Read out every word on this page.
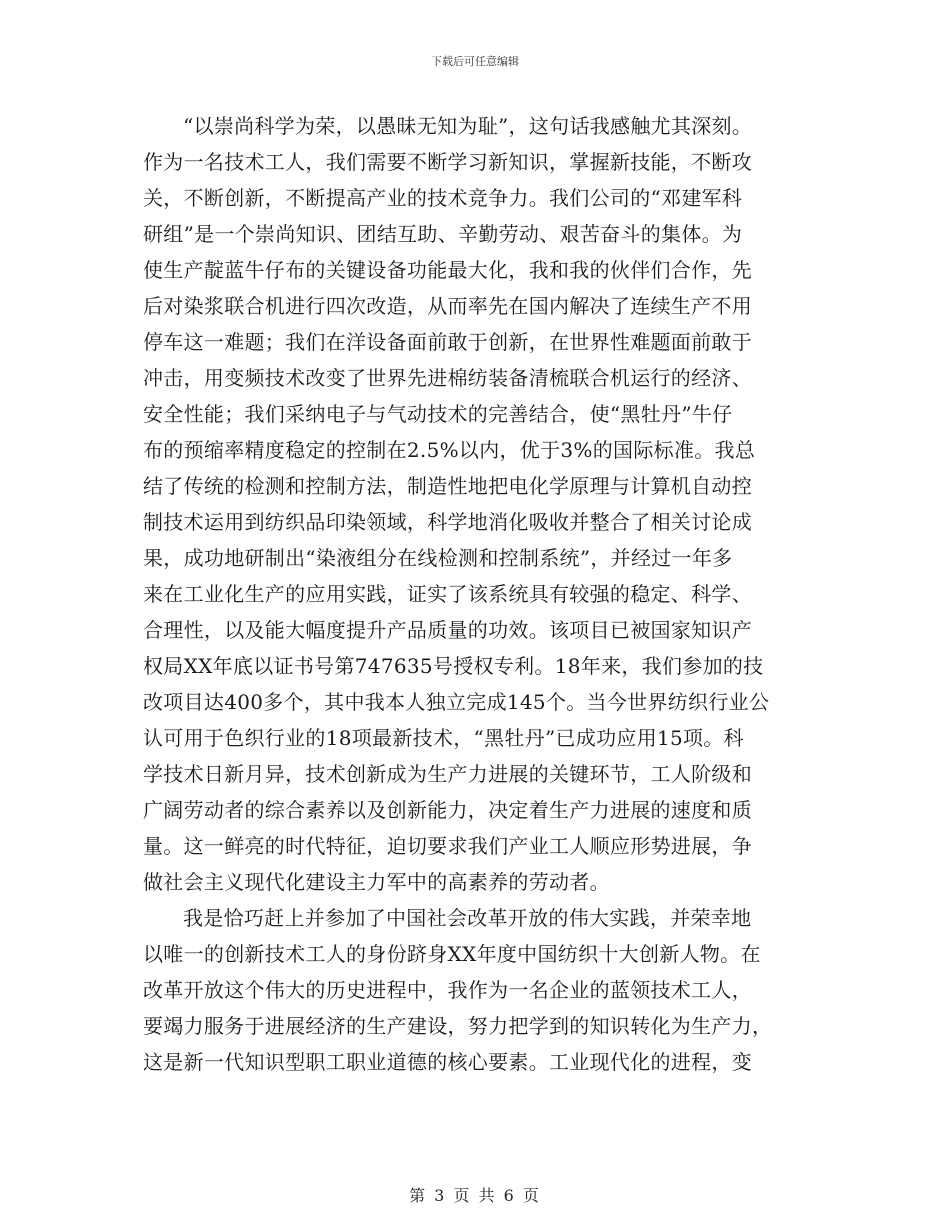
下载后可任意编辑
“以崇尚科学为荣，以愚昧无知为耻”，这句话我感触尤其深刻。
作为一名技术工人，我们需要不断学习新知识，掌握新技能，不断攻
关，不断创新，不断提高产业的技术竞争力。我们公司的“邓建军科
研组”是一个崇尚知识、团结互助、辛勤劳动、艰苦奋斗的集体。为
使生产靛蓝牛仔布的关键设备功能最大化，我和我的伙伴们合作，先
后对染浆联合机进行四次改造，从而率先在国内解决了连续生产不用
停车这一难题；我们在洋设备面前敢于创新，在世界性难题面前敢于
冲击，用变频技术改变了世界先进棉纺装备清梳联合机运行的经济、
安全性能；我们采纳电子与气动技术的完善结合，使“黑牡丹”牛仔
布的预缩率精度稳定的控制在2.5%以内，优于3%的国际标准。我总
结了传统的检测和控制方法，制造性地把电化学原理与计算机自动控
制技术运用到纺织品印染领域，科学地消化吸收并整合了相关讨论成
果，成功地研制出“染液组分在线检测和控制系统”，并经过一年多
来在工业化生产的应用实践，证实了该系统具有较强的稳定、科学、
合理性，以及能大幅度提升产品质量的功效。该项目已被国家知识产
权局XX年底以证书号第747635号授权专利。18年来，我们参加的技
改项目达400多个，其中我本人独立完成145个。当今世界纺织行业公
认可用于色织行业的18项最新技术，“黑牡丹”已成功应用15项。科
学技术日新月异，技术创新成为生产力进展的关键环节，工人阶级和
广阔劳动者的综合素养以及创新能力，决定着生产力进展的速度和质
量。这一鲜亮的时代特征，迫切要求我们产业工人顺应形势进展，争
做社会主义现代化建设主力军中的高素养的劳动者。
我是恰巧赶上并参加了中国社会改革开放的伟大实践，并荣幸地
以唯一的创新技术工人的身份跻身XX年度中国纺织十大创新人物。在
改革开放这个伟大的历史进程中，我作为一名企业的蓝领技术工人，
要竭力服务于进展经济的生产建设，努力把学到的知识转化为生产力，
这是新一代知识型职工职业道德的核心要素。工业现代化的进程，变
第 3 页 共 6 页
